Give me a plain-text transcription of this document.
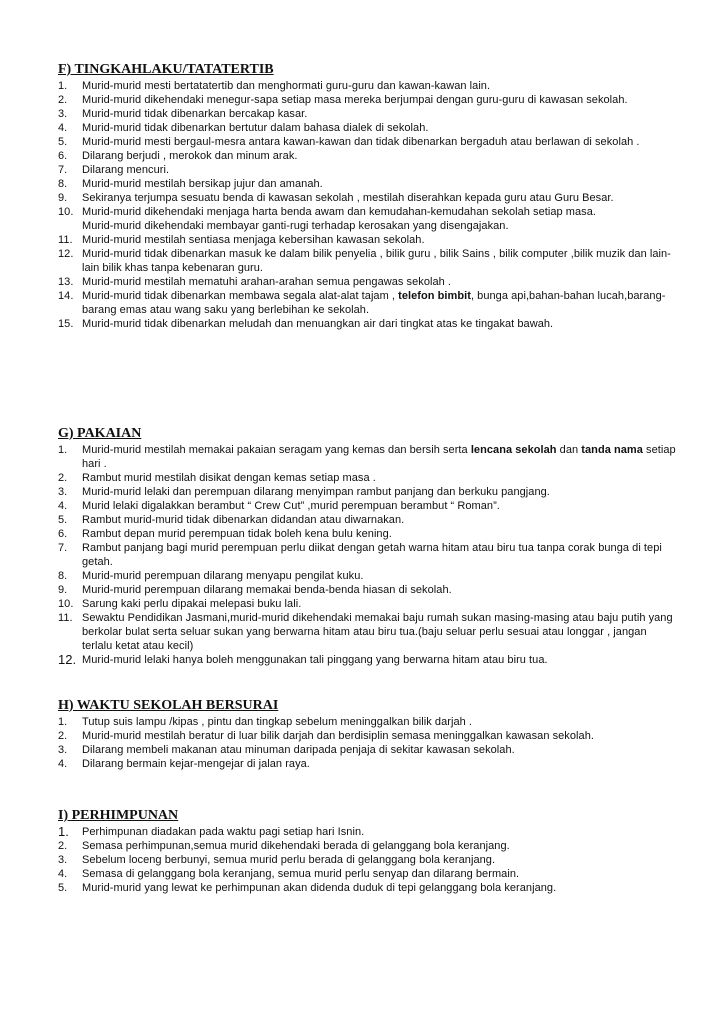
F) TINGKAHLAKU/TATATERTIB
1. Murid-murid mesti bertatatertib dan menghormati guru-guru dan kawan-kawan lain.
2. Murid-murid dikehendaki menegur-sapa setiap masa mereka berjumpai dengan guru-guru di kawasan sekolah.
3. Murid-murid tidak dibenarkan bercakap kasar.
4. Murid-murid tidak dibenarkan bertutur dalam bahasa dialek di sekolah.
5. Murid-murid mesti bergaul-mesra antara kawan-kawan dan tidak dibenarkan bergaduh atau berlawan di sekolah .
6. Dilarang berjudi , merokok dan minum arak.
7. Dilarang mencuri.
8. Murid-murid mestilah bersikap jujur dan amanah.
9. Sekiranya terjumpa sesuatu benda di kawasan sekolah , mestilah diserahkan kepada guru atau Guru Besar.
10. Murid-murid dikehendaki menjaga harta benda awam dan kemudahan-kemudahan sekolah setiap masa.
Murid-murid dikehendaki membayar ganti-rugi terhadap kerosakan yang disengajakan.
11. Murid-murid mestilah sentiasa menjaga kebersihan kawasan sekolah.
12. Murid-murid tidak dibenarkan masuk ke dalam bilik penyelia , bilik guru , bilik Sains , bilik computer ,bilik muzik dan lain-lain bilik khas tanpa kebenaran guru.
13. Murid-murid mestilah mematuhi arahan-arahan semua pengawas sekolah .
14. Murid-murid tidak dibenarkan membawa segala alat-alat tajam , telefon bimbit, bunga api,bahan-bahan lucah,barang-barang emas atau wang saku yang berlebihan ke sekolah.
15. Murid-murid tidak dibenarkan meludah dan menuangkan air dari tingkat atas ke tingakat bawah.
G) PAKAIAN
1. Murid-murid mestilah memakai pakaian seragam yang kemas dan bersih serta lencana sekolah dan tanda nama setiap hari .
2. Rambut murid mestilah disikat dengan kemas setiap masa .
3. Murid-murid lelaki dan perempuan dilarang menyimpan rambut panjang dan berkuku pangjang.
4. Murid lelaki digalakkan berambut “ Crew Cut” ,murid perempuan berambut “ Roman”.
5. Rambut murid-murid tidak dibenarkan didandan atau diwarnakan.
6. Rambut depan murid perempuan tidak boleh kena bulu kening.
7. Rambut panjang bagi murid perempuan perlu diikat dengan getah warna hitam atau biru tua tanpa corak bunga di tepi getah.
8. Murid-murid perempuan dilarang menyapu pengilat kuku.
9. Murid-murid perempuan dilarang memakai benda-benda hiasan di sekolah.
10. Sarung kaki perlu dipakai melepasi buku lali.
11. Sewaktu Pendidikan Jasmani,murid-murid dikehendaki memakai baju rumah sukan masing-masing atau baju putih yang berkolar bulat serta seluar sukan yang berwarna hitam atau biru tua.(baju seluar perlu sesuai atau longgar , jangan terlalu ketat atau kecil)
12. Murid-murid lelaki hanya boleh menggunakan tali pinggang yang berwarna hitam atau biru tua.
H) WAKTU SEKOLAH BERSURAI
1. Tutup suis lampu /kipas , pintu dan tingkap sebelum meninggalkan bilik darjah .
2. Murid-murid mestilah beratur di luar bilik darjah dan berdisiplin semasa meninggalkan kawasan sekolah.
3. Dilarang membeli makanan atau minuman daripada penjaja di sekitar kawasan sekolah.
4. Dilarang bermain kejar-mengejar di jalan raya.
I) PERHIMPUNAN
1. Perhimpunan diadakan pada waktu pagi setiap hari Isnin.
2. Semasa perhimpunan,semua murid dikehendaki berada di gelanggang bola keranjang.
3. Sebelum loceng berbunyi, semua murid perlu berada di gelanggang bola keranjang.
4. Semasa di gelanggang bola keranjang, semua murid perlu senyap dan dilarang bermain.
5. Murid-murid yang lewat ke perhimpunan akan didenda duduk di tepi gelanggang bola keranjang.
